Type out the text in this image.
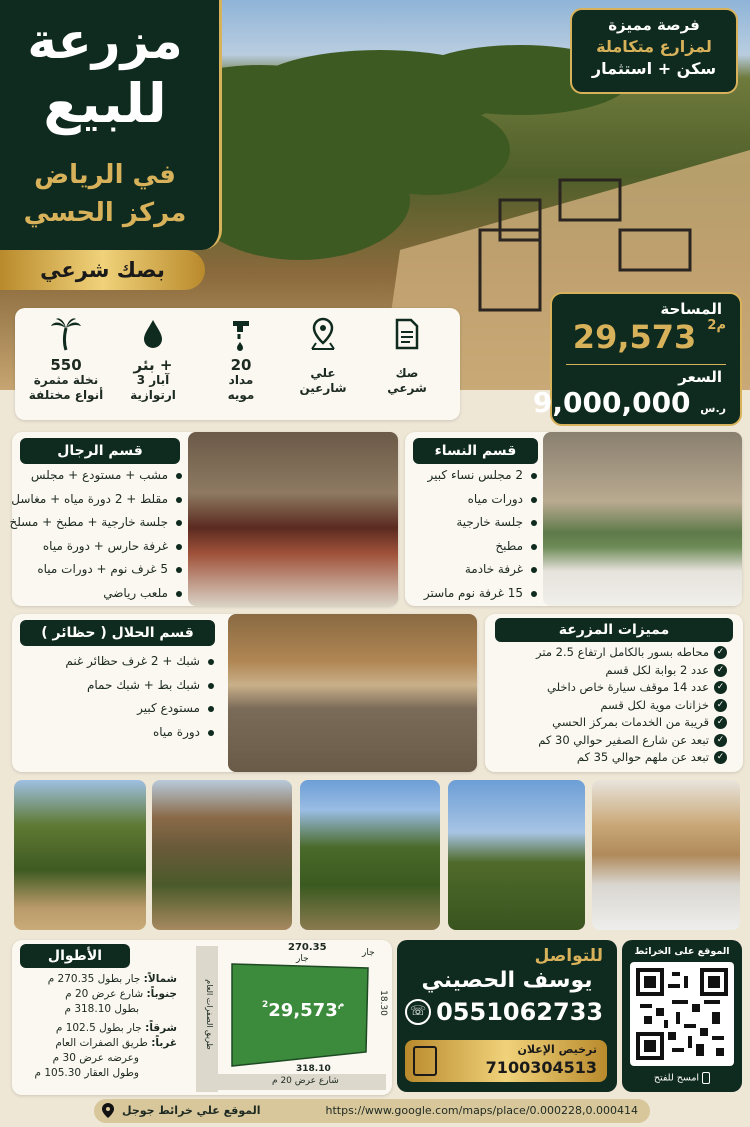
مزرعة
للبيع
في الرياض
مركز الحسي
بصك شرعي
فرصة مميزة
لمزارع متكاملة
سكن + استثمار
المساحة
$^{م2}$ 29,573
السعر
ر.س 9,000,000
صك
شرعي
علي
شارعين
20
مداد
مويه
بئر +
3 آبار
ارتوازية
550
نخلة مثمرة
أنواع مختلفة
قسم الرجال
مشب + مستودع + مجلس
مقلط + 2 دورة مياه + مغاسل
جلسة خارجية + مطبخ + مسلخ
غرفة حارس + دورة مياه
5 غرف نوم + دورات مياه
ملعب رياضي
قسم النساء
2 مجلس نساء كبير
دورات مياه
جلسة خارجية
مطبخ
غرفة خادمة
15 غرفة نوم ماستر
قسم الحلال ( حظائر )
شبك + 2 غرف حظائر غنم
شبك بط + شبك حمام
مستودع كبير
دورة مياه
مميزات المزرعة
✓ محاطه بسور بالكامل ارتفاع 2.5 متر
✓ عدد 2 بوابة لكل قسم
✓ عدد 14 موقف سيارة خاص داخلي
✓ خزانات موية لكل قسم
✓ قريبة من الخدمات بمركز الحسي
✓ تبعد عن شارع الصفير حوالي 30 كم
✓ تبعد عن ملهم حوالي 35 كم
الأطوال
شمالاً: جار بطول 270.35 م
جنوباً: شارع عرض 20 م
بطول 318.10 م
شرقاً: جار بطول 102.5 م
غرباً: طريق الصفرات العام
وعرضه عرض 30 م
وطول العقار 105.30 م
270.35
جار
جار
طريق الصفرات العام	18.30
$^{م2}$29,573
318.10
شارع عرض 20 م
للتواصل
يوسف الحصيني
☏ 0551062733
ترخيص الإعلان
7100304513
الموقع على الخرائط
امسح للفتح
الموقع علي خرائط جوجل	https://www.google.com/maps/place/0.000228,0.000414
